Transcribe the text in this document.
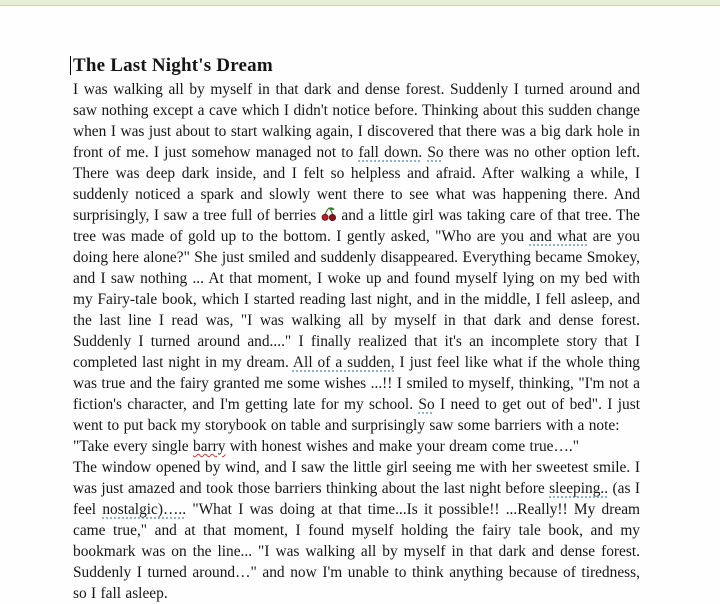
The Last Night's Dream

I was walking all by myself in that dark and dense forest. Suddenly I turned around and saw nothing except a cave which I didn't notice before. Thinking about this sudden change when I was just about to start walking again, I discovered that there was a big dark hole in front of me. I just somehow managed not to fall down. So there was no other option left. There was deep dark inside, and I felt so helpless and afraid. After walking a while, I suddenly noticed a spark and slowly went there to see what was happening there. And surprisingly, I saw a tree full of berries  and a little girl was taking care of that tree. The tree was made of gold up to the bottom. I gently asked, "Who are you and what are you doing here alone?" She just smiled and suddenly disappeared. Everything became Smokey, and I saw nothing ... At that moment, I woke up and found myself lying on my bed with my Fairy-tale book, which I started reading last night, and in the middle, I fell asleep, and the last line I read was, "I was walking all by myself in that dark and dense forest. Suddenly I turned around and...." I finally realized that it's an incomplete story that I completed last night in my dream. All of a sudden, I just feel like what if the whole thing was true and the fairy granted me some wishes ...!! I smiled to myself, thinking, "I'm not a fiction's character, and I'm getting late for my school. So I need to get out of bed". I just went to put back my storybook on table and surprisingly saw some barriers with a note:

"Take every single barry with honest wishes and make your dream come true…."

The window opened by wind, and I saw the little girl seeing me with her sweetest smile. I was just amazed and took those barriers thinking about the last night before sleeping.. (as I feel nostalgic)….. "What I was doing at that time...Is it possible!! ...Really!! My dream came true," and at that moment, I found myself holding the fairy tale book, and my bookmark was on the line... "I was walking all by myself in that dark and dense forest. Suddenly I turned around…" and now I'm unable to think anything because of tiredness, so I fall asleep.
